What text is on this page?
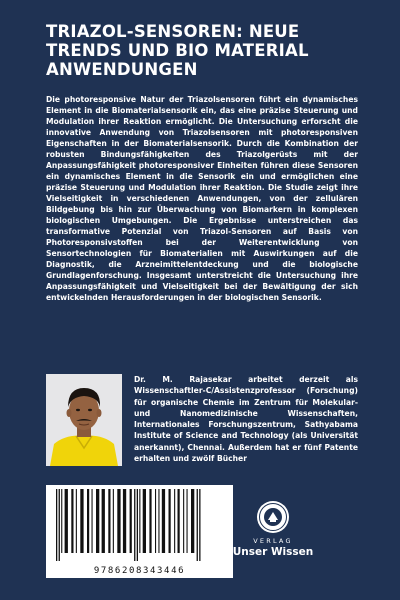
TRIAZOL-SENSOREN: NEUE TRENDS UND BIO MATERIAL ANWENDUNGEN

Die photoresponsive Natur der Triazolsensoren führt ein dynamisches Element in die Biomaterialsensorik ein, das eine präzise Steuerung und Modulation ihrer Reaktion ermöglicht. Die Untersuchung erforscht die innovative Anwendung von Triazolsensoren mit photoresponsiven Eigenschaften in der Biomaterialsensorik. Durch die Kombination der robusten Bindungsfähigkeiten des Triazolgerüsts mit der Anpassungsfähigkeit photoresponsiver Einheiten führen diese Sensoren ein dynamisches Element in die Sensorik ein und ermöglichen eine präzise Steuerung und Modulation ihrer Reaktion. Die Studie zeigt ihre Vielseitigkeit in verschiedenen Anwendungen, von der zellulären Bildgebung bis hin zur Überwachung von Biomarkern in komplexen biologischen Umgebungen. Die Ergebnisse unterstreichen das transformative Potenzial von Triazol-Sensoren auf Basis von Photoresponsivstoffen bei der Weiterentwicklung von Sensortechnologien für Biomaterialien mit Auswirkungen auf die Diagnostik, die Arzneimittelentdeckung und die biologische Grundlagenforschung. Insgesamt unterstreicht die Untersuchung ihre Anpassungsfähigkeit und Vielseitigkeit bei der Bewältigung der sich entwickelnden Herausforderungen in der biologischen Sensorik.

Dr. M. Rajasekar arbeitet derzeit als Wissenschaftler-C/Assistenzprofessor (Forschung) für organische Chemie im Zentrum für Molekular- und Nanomedizinische Wissenschaften, Internationales Forschungszentrum, Sathyabama Institute of Science and Technology (als Universität anerkannt), Chennai. Außerdem hat er fünf Patente erhalten und zwölf Bücher

9786208343446
VERLAG
Unser Wissen
